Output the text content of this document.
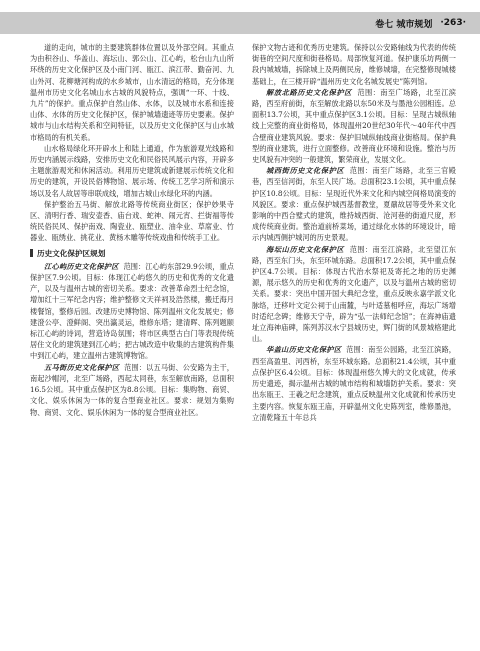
卷七 城市规划 ·263·

道的走向，城市的主要建筑群体位置以及外部空间。其重点为由积谷山、华盖山、海坛山、郭公山、江心屿，松台山九山所环绕的历史文化保护区及小南门河、瓯江、滨江带、勤奋河、九山外河、花柳塘河构成的水乡城市，山水清远的格局，充分体现温州市历史文化名城山水古城的风貌特点，强调“一环、十线、九片”的保护。重点保护自然山体、水体，以及城市水系和连接山体、水体的历史文化保护区，保护城墙遗迹等历史要素。保护城市与山水结构关系和空间特征，以及历史文化保护区与山水城市格局的有机关系。

山水格局绿化环开辟水上和陆上通道，作为旅游观光线路和历史内涵展示线路，安排历史文化和民俗民风展示内容，开辟多主题旅游观光和休闲活动。利用历史建筑或新建展示传统文化和历史的建筑，开设民俗博物馆、展示场、传统工艺学习所和演示场以及名人故居等串联成线，增加古城山水绿化环的内涵。

保护整治五马街、解放北路等传统商业街区；保护妙果寺区、清明行香、瑞安壶香、庙台戏、蛇神、闹元宵、拦街福等传统民俗民风、保护南戏、陶瓷业、瓯塑业、油伞业、草席业、竹器业、瓯绣业、挑花业、黄杨木雕等传统戏曲和传统手工业。

历史文化保护区规划

江心屿历史文化保护区 范围：江心屿东部29.9公顷，重点保护区7.9公顷。目标：体现江心屿悠久的历史和优秀的文化遗产，以及与温州古城的密切关系。要求：改善革命烈士纪念馆，增加红十三军纪念内容；维护整修文天祥祠及浩然楼，搬迁海月楼餐馆，整修后园。改建历史博物馆、陈列温州文化发展史；修建澄公亭、澄鲜阁、突出瀛灵运，维修东塔；建清晖、陈列题颐标江心屿的诗词，营造诗岛氛围；将市区典型古白门等表现传统居住文化的建筑建到江心屿；把古城改造中收集的古建筑构件集中到江心屿，建立温州古建筑博物馆。

五马街历史文化保护区 范围：以五马街、公安路为主干，南起沙帽河，北至广场路，西起太同巷，东至解放南路，总面积16.5公顷。其中重点保护区为8.8公顷。目标：集购物、商贸、文化、娱乐休闲为一体的复合型商业社区。要求：规划为集购物、商贸、文化、娱乐休闲为一体的复合型商业社区。

保护文物古迹和优秀历史建筑。保持以公安路轴线为代表的传统街巷的空间尺度和街巷格局。局部恢复河道。保护康乐坊两侧一段内城城墙，拆除城上及两侧民房，维修城墙，在完整修现城楼基础上，在三楼开辟“温州历史文化名城发展史”陈列馆。

解放北路历史文化保护区 范围：南至广场路，北至江滨路，西至府前街，东至解放北路以东50米及与墨池公园相连。总面积13.7公顷，其中重点保护区3.1公顷。目标：呈现古城纵轴线上完整的商业街格局，体现温州20世纪30年代～40年代中西合壁商业建筑风貌。要求：保护旧城纵轴线商业街格局。保护典型的商业建筑，进行立面整修。改善商业环境和设施。整治与历史风貌有冲突的一般建筑，繁荣商业，发展文化。

城西街历史文化保护区 范围：南至广场路，北至三官殿巷，西至信河街，东至人民广场。总面积23.1公顷，其中重点保护区10.8公顷。目标：呈现近代外来文化和内城空间格局演变的风貌区。要求：重点保护城西基督教堂，夏鼐故居等受外来文化影响的中西合璧式的建筑，维持城西街、沧河巷的街道尺度，形成传统商业街。整治道前桥菜场，通过绿化水体的环境设计，暗示内城西侧护城河的历史景观。

海坛山历史文化保护区 范围：南至江滨路，北至望江东路，西至东门头，东至环城东路。总面积17.2公顷，其中重点保护区4.7公顷。目标：体现古代治水祭祀及寄托之地的历史渊源，展示悠久的历史和优秀的文化遗产，以及与温州古城的密切关系。要求：突出中国开国大典纪念堂，重点反映永嘉学派文化脉络，迁移叶文定公祠于山南麓，与叶适墓相呼应，海坛广场增时适纪念碑；维修天宁寺，辟为“弘一法师纪念馆”；在海神庙遗址立海神庙碑，陈列苏汉水宁县城历史，辉门街的风景城格建此山。

华盖山历史文化保护区 范围：南至公园路，北至江滨路，西至高盈里、河西桥，东至环城东路。总面积21.4公顷，其中重点保护区6.4公顷。目标：体现温州悠久博大的文化成就，传承历史遗迹，揭示温州古城的城市结构和城墙防护关系。要求：突出东瓯王、王羲之纪念建筑，重点反映温州文化成就和传承历史主要内容。恢复东瓯王庙，开辟温州文化史陈列室，维修墨池，立清乾隆五十年总兵
